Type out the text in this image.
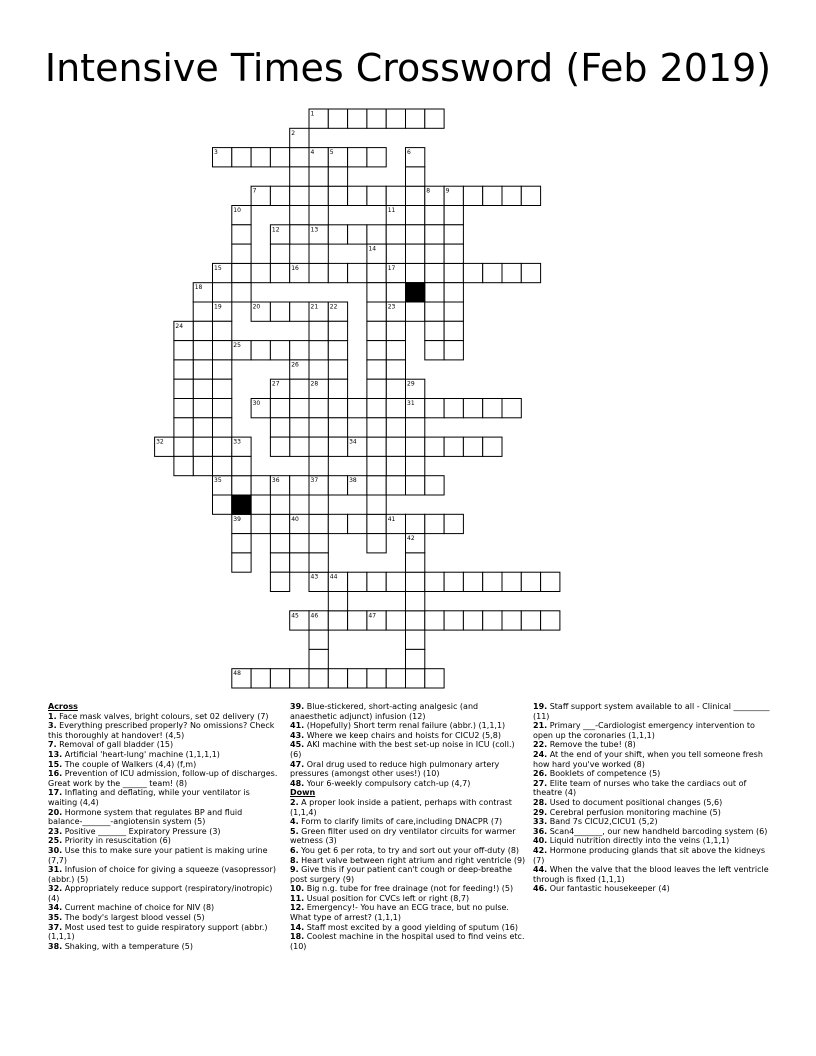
Intensive Times Crossword (Feb 2019)
1
2
3	4	5	6
7	8	9
10	11
12	13
14
15	16	17
18
19	20	21 22	23
24
25
26
27	28	29
30	31
32	33	34
35	36	37	38
39	40	41
42
43 44
45 46	47
48

Across

1. Face mask valves, bright colours, set 02 delivery (7)

3. Everything prescribed properly? No omissions? Check this thoroughly at handover! (4,5)

7. Removal of gall bladder (15)

13. Artificial 'heart-lung' machine (1,1,1,1)

15. The couple of Walkers (4,4) (f,m)

16. Prevention of ICU admission, follow-up of discharges. Great work by the ______ team! (8)

17. Inflating and deflating, while your ventilator is waiting (4,4)

20. Hormone system that regulates BP and fluid balance-_______-angiotensin system (5)

23. Positive _______ Expiratory Pressure (3)

25. Priority in resuscitation (6)

30. Use this to make sure your patient is making urine (7,7)

31. Infusion of choice for giving a squeeze (vasopressor) (abbr.) (5)

32. Appropriately reduce support (respiratory/inotropic) (4)

34. Current machine of choice for NIV (8)

35. The body's largest blood vessel (5)

37. Most used test to guide respiratory support (abbr.) (1,1,1)

38. Shaking, with a temperature (5)

39. Blue-stickered, short-acting analgesic (and anaesthetic adjunct) infusion (12)

41. (Hopefully) Short term renal failure (abbr.) (1,1,1)

43. Where we keep chairs and hoists for CICU2 (5,8)

45. AKI machine with the best set-up noise in ICU (coll.) (6)

47. Oral drug used to reduce high pulmonary artery pressures (amongst other uses!) (10)

48. Your 6-weekly compulsory catch-up (4,7)

Down

2. A proper look inside a patient, perhaps with contrast (1,1,4)

4. Form to clarify limits of care,including DNACPR (7)

5. Green filter used on dry ventilator circuits for warmer wetness (3)

6. You get 6 per rota, to try and sort out your off-duty (8)

8. Heart valve between right atrium and right ventricle (9)

9. Give this if your patient can't cough or deep-breathe post surgery (9)

10. Big n.g. tube for free drainage (not for feeding!) (5)

11. Usual position for CVCs left or right (8,7)

12. Emergency!- You have an ECG trace, but no pulse. What type of arrest? (1,1,1)

14. Staff most excited by a good yielding of sputum (16)

18. Coolest machine in the hospital used to find veins etc. (10)

19. Staff support system available to all - Clinical _________ (11)

21. Primary ___-Cardiologist emergency intervention to open up the coronaries (1,1,1)

22. Remove the tube! (8)

24. At the end of your shift, when you tell someone fresh how hard you've worked (8)

26. Booklets of competence (5)

27. Elite team of nurses who take the cardiacs out of theatre (4)

28. Used to document positional changes (5,6)

29. Cerebral perfusion monitoring machine (5)

33. Band 7s CICU2,CICU1 (5,2)

36. Scan4_______, our new handheld barcoding system (6)

40. Liquid nutrition directly into the veins (1,1,1)

42. Hormone producing glands that sit above the kidneys (7)

44. When the valve that the blood leaves the left ventricle through is fixed (1,1,1)

46. Our fantastic housekeeper (4)
